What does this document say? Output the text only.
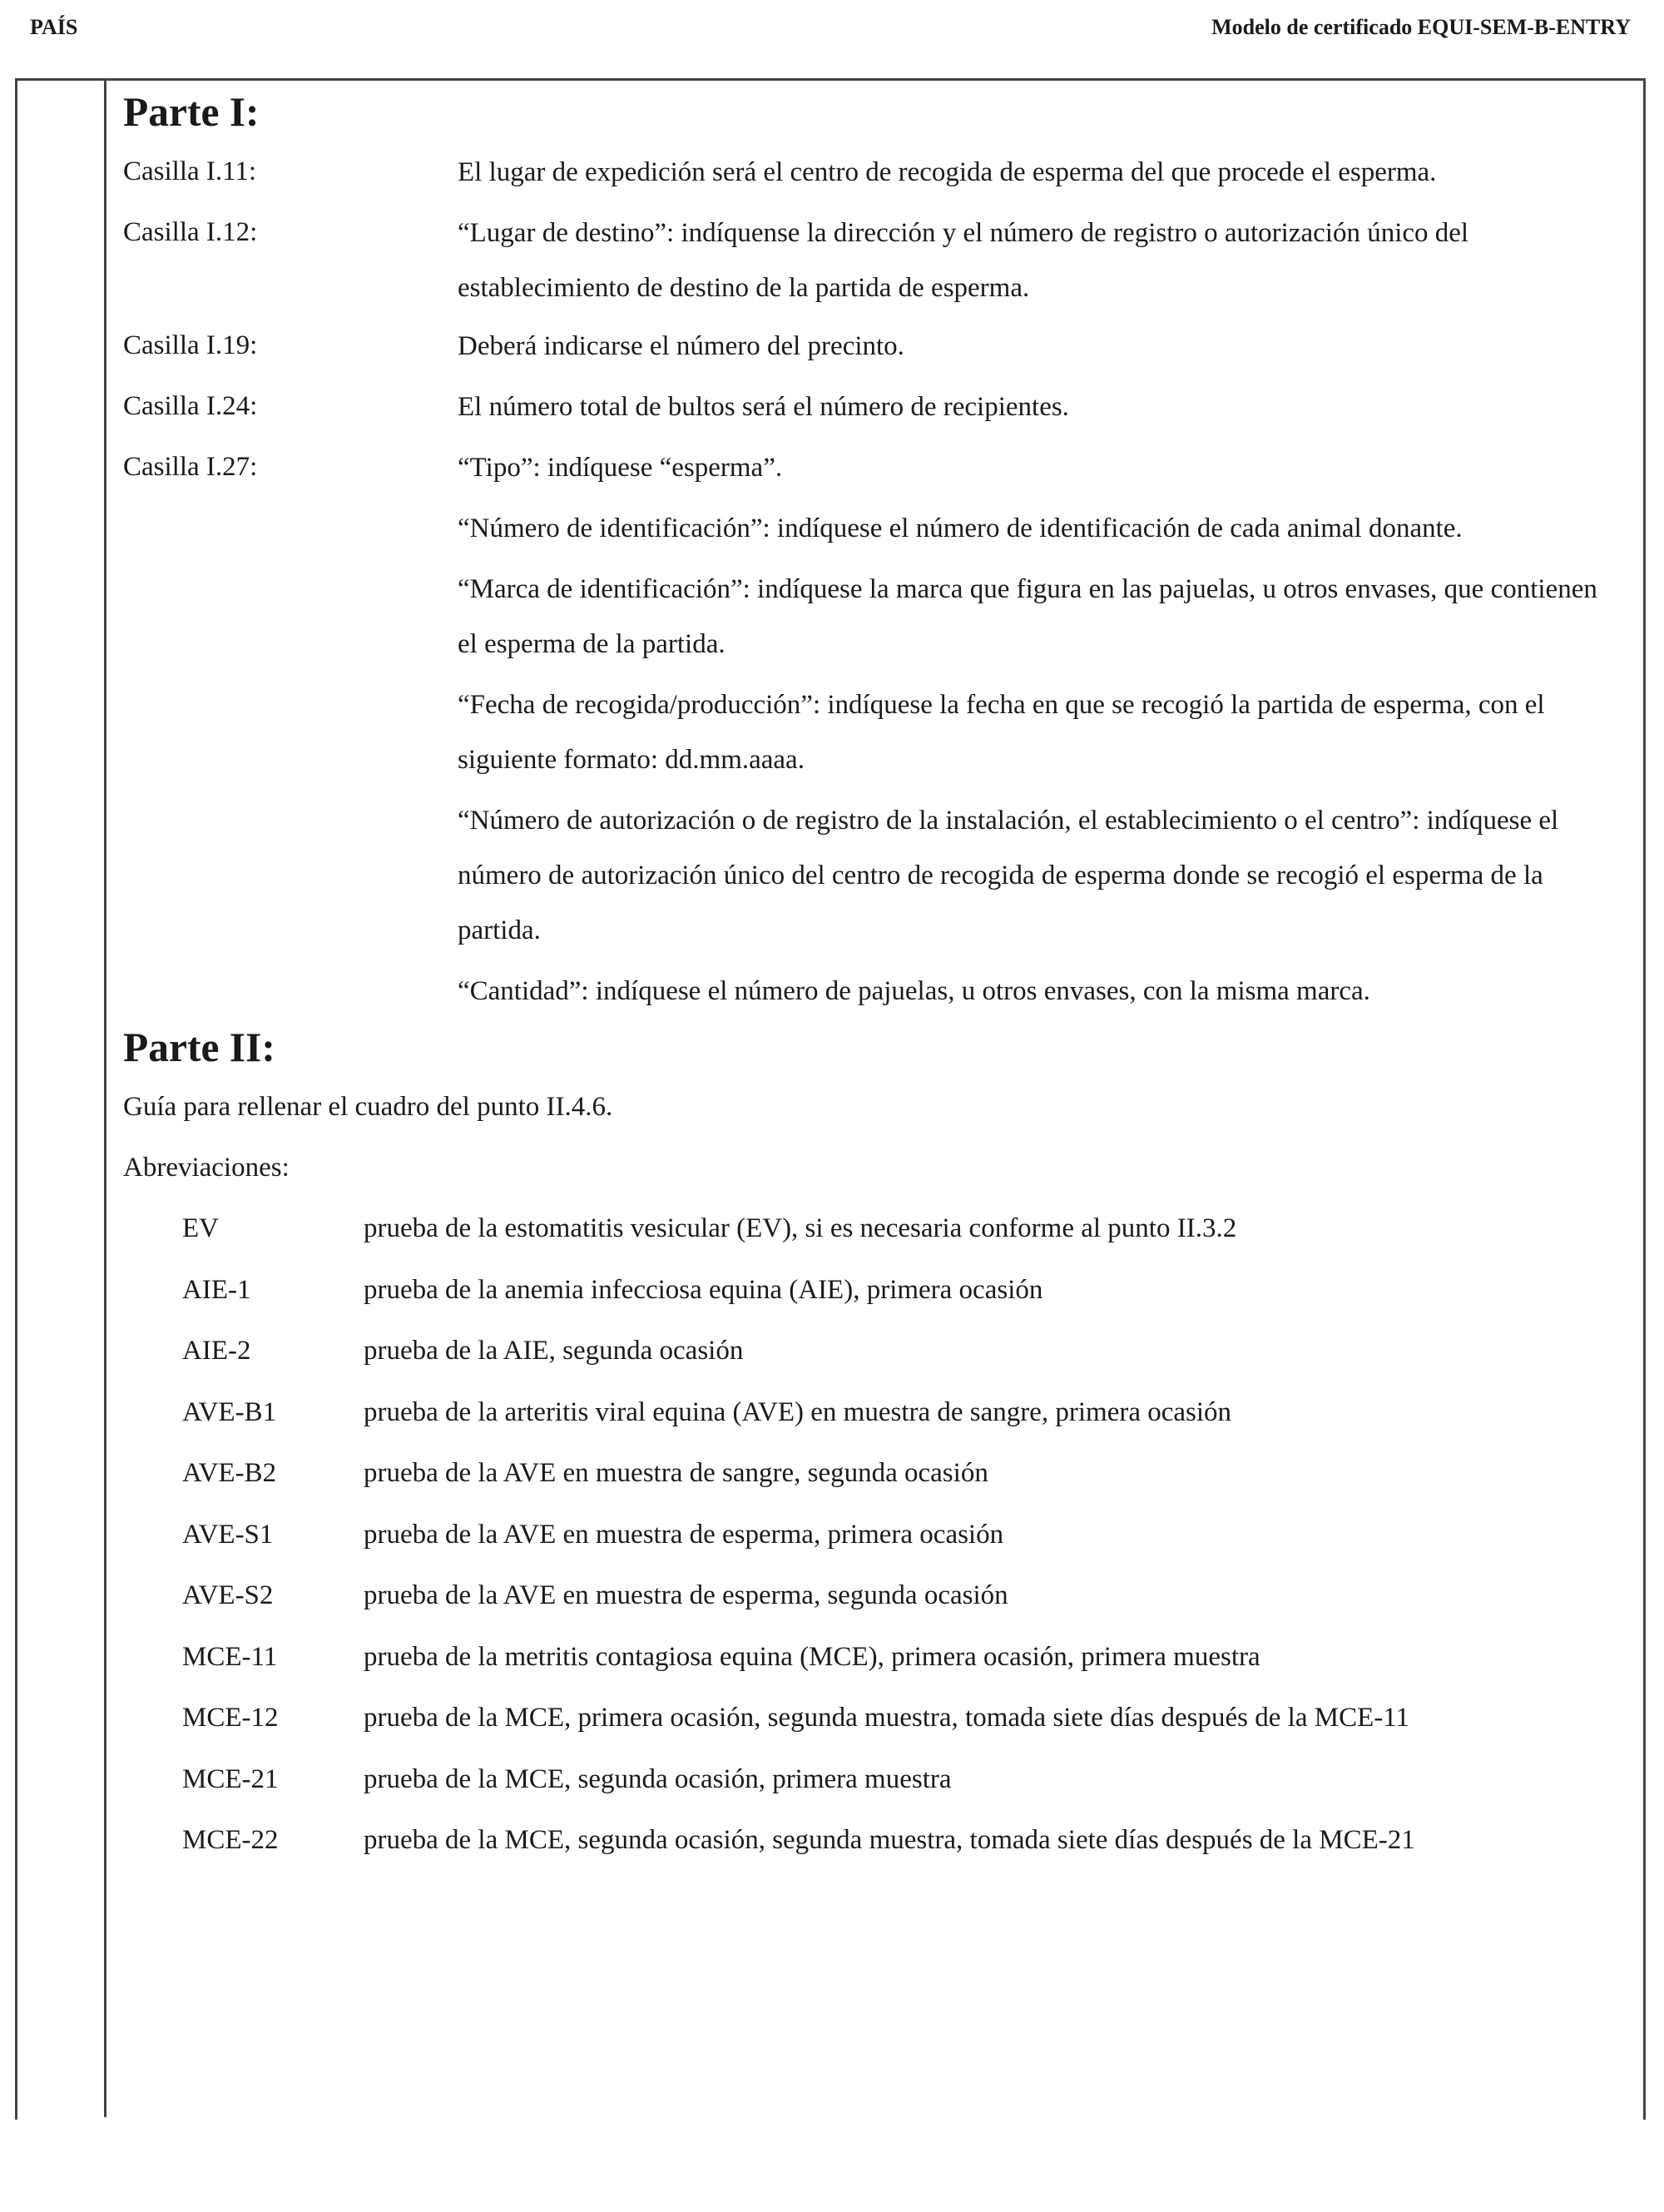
PAÍS	Modelo de certificado EQUI-SEM-B-ENTRY
Parte I:
Casilla I.11:	El lugar de expedición será el centro de recogida de esperma del que procede el esperma.

Casilla I.12:	“Lugar de destino”: indíquense la dirección y el número de registro o autorización único del establecimiento de destino de la partida de esperma.

Casilla I.19:	Deberá indicarse el número del precinto.

Casilla I.24:	El número total de bultos será el número de recipientes.

Casilla I.27:	“Tipo”: indíquese “esperma”.

“Número de identificación”: indíquese el número de identificación de cada animal donante.

“Marca de identificación”: indíquese la marca que figura en las pajuelas, u otros envases, que contienen el esperma de la partida.

“Fecha de recogida/producción”: indíquese la fecha en que se recogió la partida de esperma, con el siguiente formato: dd.mm.aaaa.

“Número de autorización o de registro de la instalación, el establecimiento o el centro”: indíquese el número de autorización único del centro de recogida de esperma donde se recogió el esperma de la partida.

“Cantidad”: indíquese el número de pajuelas, u otros envases, con la misma marca.

Parte II:

Guía para rellenar el cuadro del punto II.4.6.

Abreviaciones:

EV	prueba de la estomatitis vesicular (EV), si es necesaria conforme al punto II.3.2
AIE-1	prueba de la anemia infecciosa equina (AIE), primera ocasión
AIE-2	prueba de la AIE, segunda ocasión
AVE-B1	prueba de la arteritis viral equina (AVE) en muestra de sangre, primera ocasión
AVE-B2	prueba de la AVE en muestra de sangre, segunda ocasión
AVE-S1	prueba de la AVE en muestra de esperma, primera ocasión
AVE-S2	prueba de la AVE en muestra de esperma, segunda ocasión
MCE-11	prueba de la metritis contagiosa equina (MCE), primera ocasión, primera muestra
MCE-12	prueba de la MCE, primera ocasión, segunda muestra, tomada siete días después de la MCE-11
MCE-21	prueba de la MCE, segunda ocasión, primera muestra
MCE-22	prueba de la MCE, segunda ocasión, segunda muestra, tomada siete días después de la MCE-21
